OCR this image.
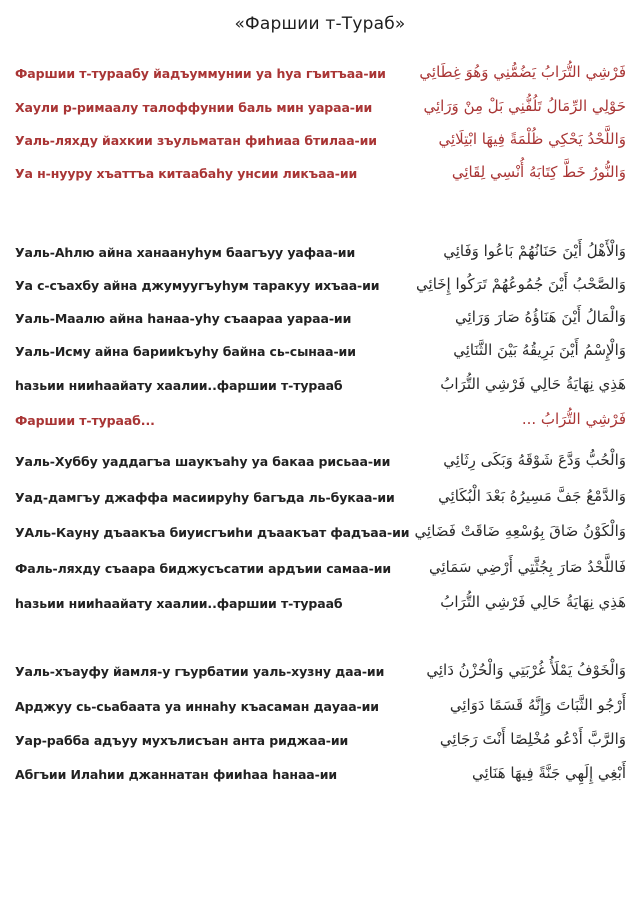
«Фаршии т-Тураб»
Фаршии т-тураабу йадъуммунии уа hуа гъитъаа-ии فَرْشِي التُّرَابُ يَضُمُّنِي وَهُوَ غِطَائِي
Хаули р-римаалу талоффунии баль мин уараа-ии	حَوْلِي الرِّمَالُ تَلُفُّنِي بَلْ مِنْ وَرَائِي
Уаль-ляхду йахкии зъульматан фиhиаа бтилаа-ии	وَاللَّحْدُ يَحْكِي ظُلْمَةً فِيهَا ابْتِلَائِي
Уа н-нууру хъаттъа китаабаhу унсии ликъаа-ии	وَالنُّورُ خَطَّ كِتَابَهُ أُنْسِي لِقَائِي
Уаль-Аhлю айна ханаануhум баагъуу уафаа-ии	وَالْأَهْلُ أَيْنَ حَنَانُهُمْ بَاعُوا وَفَائِي
Уа с-съахбу айна джумуугъуhум таракуу ихъаа-ии وَالصَّحْبُ أَيْنَ جُمُوعُهُمْ تَرَكُوا إِخَائِي
Уаль-Маалю айна hанаа-уhу съаараа уараа-ии	وَالْمَالُ أَيْنَ هَنَاؤُهُ صَارَ وَرَائِي
Уаль-Исму айна барииkъуhу байна сь-сынаа-ии	وَالْإِسْمُ أَيْنَ بَرِيقُهُ بَيْنَ الثَّنَائِي
hазьии нииhаайату хаалии..фаршии т-турааб	هَذِي نِهَايَةُ حَالِي فَرْشِي التُّرَابُ
Фаршии т-турааб...	فَرْشِي التُّرَابُ ...
Уаль-Хуббу уаддагъа шаукъаhу уа бакаа рисьаа-ии	وَالْحُبُّ وَدَّعَ شَوْقَهُ وَبَكَى رِثَائِي
Уад-дамгъу джаффа масииpуhу багъда ль-букаа-ии	وَالدَّمْعُ جَفَّ مَسِيرُهُ بَعْدَ الْبُكَائِي
УАль-Кауну дъаакъа биуисгъиhи дъаакъат фадъаа-ии وَالْكَوْنُ ضَاقَ بِوُسْعِهِ ضَاقَتْ فَضَائِي
Фаль-ляхду съаара биджусъсатии ардъии самаа-ии	فَاللَّحْدُ صَارَ بِجُثَّتِي أَرْضِي سَمَائِي
hазьии нииhаайату хаалии..фаршии т-турааб	هَذِي نِهَايَةُ حَالِي فَرْشِي التُّرَابُ
Уаль-хъауфу йамля-у гъурбатии уаль-хузну даа-ии	وَالْخَوْفُ يَمْلَأُ غُرْبَتِي وَالْحُزْنُ دَائِي
Арджуу сь-сьабаата уа иннаhу къасаман дауаа-ии	أَرْجُو الثَّبَاتَ وَإِنَّهُ قَسَمًا دَوَائِي
Уар-рабба адъуу мухълисъан анта риджаа-ии	وَالرَّبَّ أَدْعُو مُخْلِصًا أَنْتَ رَجَائِي
Абгъии Илаhии джаннатан фииhаа hанаа-ии	أَبْغِي إِلَهِي جَنَّةً فِيهَا هَنَائِي
